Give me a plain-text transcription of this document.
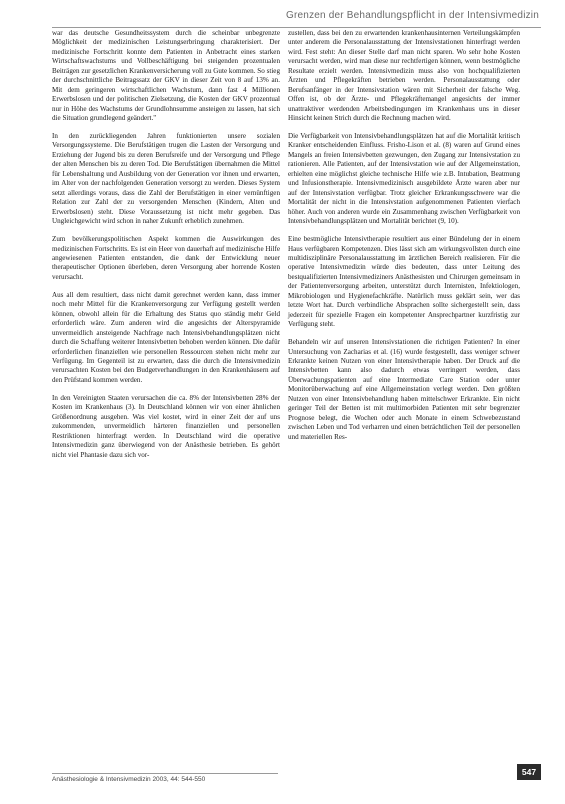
Grenzen der Behandlungspflicht in der Intensivmedizin

war das deutsche Gesundheitssystem durch die scheinbar unbegrenzte Möglichkeit der medizinischen Leistungserbringung charakterisiert. Der medizinische Fortschritt konnte dem Patienten in Anbetracht eines starken Wirtschaftswachstums und Vollbeschäftigung bei steigenden prozentualen Beiträgen zur gesetzlichen Krankenversicherung voll zu Gute kommen. So stieg der durchschnittliche Beitragssatz der GKV in dieser Zeit von 8 auf 13% an. Mit dem geringeren wirtschaftlichen Wachstum, dann fast 4 Millionen Erwerbslosen und der politischen Zielsetzung, die Kosten der GKV prozentual nur in Höhe des Wachstums der Grundlohnsumme ansteigen zu lassen, hat sich die Situation grundlegend geändert."

In den zurückliegenden Jahren funktionierten unsere sozialen Versorgungssysteme. Die Berufstätigen trugen die Lasten der Versorgung und Erziehung der Jugend bis zu deren Berufsreife und der Versorgung und Pflege der alten Menschen bis zu deren Tod. Die Berufstätigen übernahmen die Mittel für Lebenshaltung und Ausbildung von der Generation vor ihnen und erwarten, im Alter von der nachfolgenden Generation versorgt zu werden. Dieses System setzt allerdings voraus, dass die Zahl der Berufstätigen in einer vernünftigen Relation zur Zahl der zu versorgenden Menschen (Kindern, Alten und Erwerbslosen) steht. Diese Voraussetzung ist nicht mehr gegeben. Das Ungleichgewicht wird schon in naher Zukunft erheblich zunehmen.

Zum bevölkerungspolitischen Aspekt kommen die Auswirkungen des medizinischen Fortschritts. Es ist ein Heer von dauerhaft auf medizinische Hilfe angewiesenen Patienten entstanden, die dank der Entwicklung neuer therapeutischer Optionen überleben, deren Versorgung aber horrende Kosten verursacht.

Aus all dem resultiert, dass nicht damit gerechnet werden kann, dass immer noch mehr Mittel für die Krankenversorgung zur Verfügung gestellt werden können, obwohl allein für die Erhaltung des Status quo ständig mehr Geld erforderlich wäre. Zum anderen wird die angesichts der Alterspyramide unvermeidlich ansteigende Nachfrage nach Intensivbehandlungsplätzen nicht durch die Schaffung weiterer Intensivbetten behoben werden können. Die dafür erforderlichen finanziellen wie personellen Ressourcen stehen nicht mehr zur Verfügung. Im Gegenteil ist zu erwarten, dass die durch die Intensivmedizin verursachten Kosten bei den Budgetverhandlungen in den Krankenhäusern auf den Prüfstand kommen werden.

In den Vereinigten Staaten verursachen die ca. 8% der Intensivbetten 28% der Kosten im Krankenhaus (3). In Deutschland können wir von einer ähnlichen Größenordnung ausgehen. Was viel kostet, wird in einer Zeit der auf uns zukommenden, unvermeidlich härteren finanziellen und personellen Restriktionen hinterfragt werden. In Deutschland wird die operative Intensivmedizin ganz überwiegend von der Anästhesie betrieben. Es gehört nicht viel Phantasie dazu sich vor-

zustellen, dass bei den zu erwartenden krankenhausinternen Verteilungskämpfen unter anderem die Personalausstattung der Intensivstationen hinterfragt werden wird. Fest steht: An dieser Stelle darf man nicht sparen. Wo sehr hohe Kosten verursacht werden, wird man diese nur rechtfertigen können, wenn bestmögliche Resultate erzielt werden. Intensivmedizin muss also von hochqualifizierten Ärzten und Pflegekräften betrieben werden. Personalausstattung oder Berufsanfänger in der Intensivstation wären mit Sicherheit der falsche Weg. Offen ist, ob der Ärzte- und Pflegekräftemangel angesichts der immer unattraktiver werdenden Arbeitsbedingungen im Krankenhaus uns in dieser Hinsicht keinen Strich durch die Rechnung machen wird.

Die Verfügbarkeit von Intensivbehandlungsplätzen hat auf die Mortalität kritisch Kranker entscheidenden Einfluss. Frisho-Lison et al. (8) waren auf Grund eines Mangels an freien Intensivbetten gezwungen, den Zugang zur Intensivstation zu rationieren. Alle Patienten, auf der Intensivstation wie auf der Allgemeinstation, erhielten eine möglichst gleiche technische Hilfe wie z.B. Intubation, Beatmung und Infusionstherapie. Intensivmedizinisch ausgebildete Ärzte waren aber nur auf der Intensivstation verfügbar. Trotz gleicher Erkrankungsschwere war die Mortalität der nicht in die Intensivstation aufgenommenen Patienten vierfach höher. Auch von anderen wurde ein Zusammenhang zwischen Verfügbarkeit von Intensivbehandlungsplätzen und Mortalität berichtet (9, 10).

Eine bestmögliche Intensivtherapie resultiert aus einer Bündelung der in einem Haus verfügbaren Kompetenzen. Dies lässt sich am wirkungsvollsten durch eine multidisziplinäre Personalausstattung im ärztlichen Bereich realisieren. Für die operative Intensivmedizin würde dies bedeuten, dass unter Leitung des bestqualifizierten Intensivmediziners Anästhesisten und Chirurgen gemeinsam in der Patientenversorgung arbeiten, unterstützt durch Internisten, Infektiologen, Mikrobiologen und Hygienefachkräfte. Natürlich muss geklärt sein, wer das letzte Wort hat. Durch verbindliche Absprachen sollte sichergestellt sein, dass jederzeit für spezielle Fragen ein kompetenter Ansprechpartner kurzfristig zur Verfügung steht.

Behandeln wir auf unseren Intensivstationen die richtigen Patienten? In einer Untersuchung von Zacharias et al. (16) wurde festgestellt, dass weniger schwer Erkrankte keinen Nutzen von einer Intensivtherapie haben. Der Druck auf die Intensivbetten kann also dadurch etwas verringert werden, dass Überwachungspatienten auf eine Intermediate Care Station oder unter Monitorüberwachung auf eine Allgemeinstation verlegt werden. Den größten Nutzen von einer Intensivbehandlung haben mittelschwer Erkrankte. Ein nicht geringer Teil der Betten ist mit multimorbiden Patienten mit sehr begrenzter Prognose belegt, die Wochen oder auch Monate in einem Schwebezustand zwischen Leben und Tod verharren und einen beträchtlichen Teil der personellen und materiellen Res-

Anästhesiologie & Intensivmedizin 2003, 44: 544-550
547
